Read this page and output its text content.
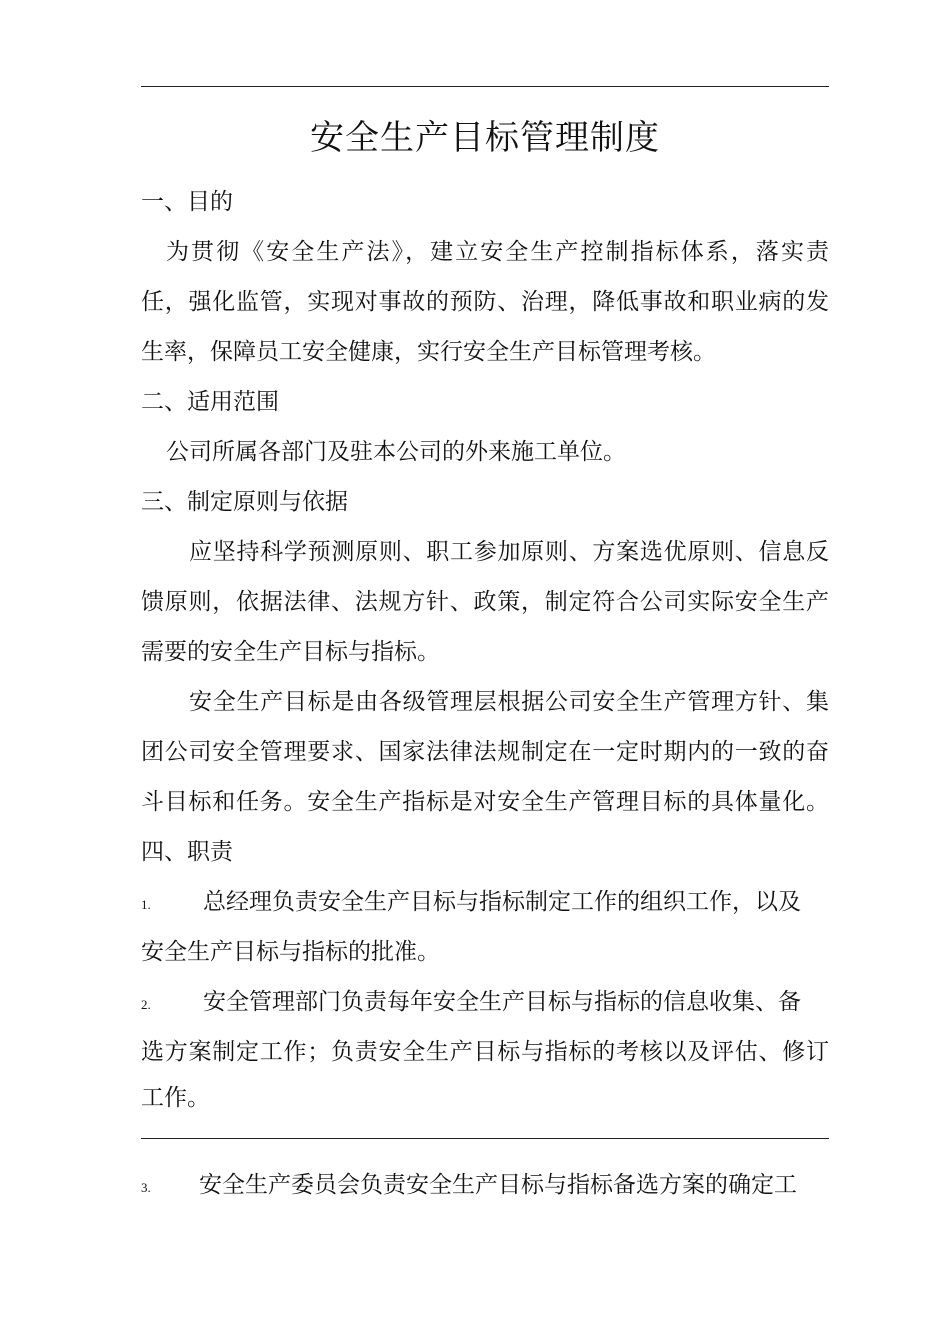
安全生产目标管理制度
一、目的
为贯彻《安全生产法》，建立安全生产控制指标体系，落实责
任，强化监管，实现对事故的预防、治理，降低事故和职业病的发
生率，保障员工安全健康，实行安全生产目标管理考核。
二、适用范围
公司所属各部门及驻本公司的外来施工单位。
三、制定原则与依据
应坚持科学预测原则、职工参加原则、方案选优原则、信息反
馈原则，依据法律、法规方针、政策，制定符合公司实际安全生产
需要的安全生产目标与指标。
安全生产目标是由各级管理层根据公司安全生产管理方针、集
团公司安全管理要求、国家法律法规制定在一定时期内的一致的奋
斗目标和任务。安全生产指标是对安全生产管理目标的具体量化。
四、职责
1. 总经理负责安全生产目标与指标制定工作的组织工作，以及
安全生产目标与指标的批准。
2. 安全管理部门负责每年安全生产目标与指标的信息收集、备
选方案制定工作；负责安全生产目标与指标的考核以及评估、修订
工作。
3. 安全生产委员会负责安全生产目标与指标备选方案的确定工
